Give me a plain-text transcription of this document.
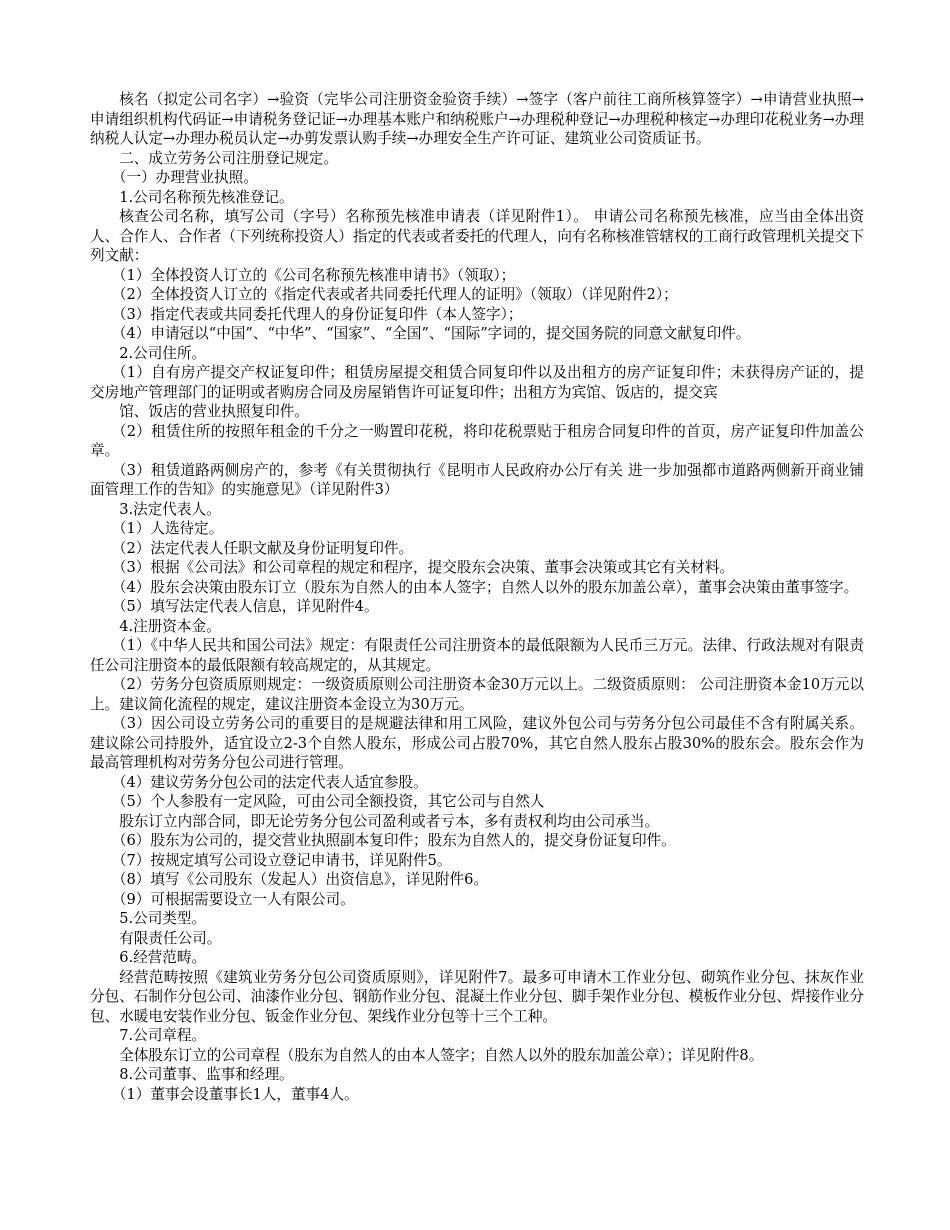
核名（拟定公司名字）→验资（完毕公司注册资金验资手续）→签字（客户前往工商所核算签字）→申请营业执照→申请组织机构代码证→申请税务登记证→办理基本账户和纳税账户→办理税种登记→办理税种核定→办理印花税业务→办理纳税人认定→办理办税员认定→办剪发票认购手续→办理安全生产许可证、建筑业公司资质证书。

二、成立劳务公司注册登记规定。

（一）办理营业执照。

1.公司名称预先核准登记。

核查公司名称，填写公司（字号）名称预先核准申请表（详见附件1）。 申请公司名称预先核准，应当由全体出资人、合作人、合作者（下列统称投资人）指定的代表或者委托的代理人，向有名称核准管辖权的工商行政管理机关提交下列文献：

（1）全体投资人订立的《公司名称预先核准申请书》（领取）；

（2）全体投资人订立的《指定代表或者共同委托代理人的证明》（领取）（详见附件2）；

（3）指定代表或共同委托代理人的身份证复印件（本人签字）；

（4）申请冠以“中国”、“中华”、“国家”、“全国”、“国际”字词的，提交国务院的同意文献复印件。

2.公司住所。

（1）自有房产提交产权证复印件；租赁房屋提交租赁合同复印件以及出租方的房产证复印件；未获得房产证的，提交房地产管理部门的证明或者购房合同及房屋销售许可证复印件；出租方为宾馆、饭店的，提交宾

馆、饭店的营业执照复印件。

（2）租赁住所的按照年租金的千分之一购置印花税，将印花税票贴于租房合同复印件的首页，房产证复印件加盖公章。

（3）租赁道路两侧房产的，参考《有关贯彻执行《昆明市人民政府办公厅有关 进一步加强都市道路两侧新开商业铺面管理工作的告知》的实施意见》（详见附件3）

3.法定代表人。

（1）人选待定。

（2）法定代表人任职文献及身份证明复印件。

（3）根据《公司法》和公司章程的规定和程序，提交股东会决策、董事会决策或其它有关材料。

（4）股东会决策由股东订立（股东为自然人的由本人签字；自然人以外的股东加盖公章），董事会决策由董事签字。

（5）填写法定代表人信息，详见附件4。

4.注册资本金。

（1）《中华人民共和国公司法》规定：有限责任公司注册资本的最低限额为人民币三万元。法律、行政法规对有限责任公司注册资本的最低限额有较高规定的，从其规定。

（2）劳务分包资质原则规定：一级资质原则公司注册资本金30万元以上。二级资质原则： 公司注册资本金10万元以上。建议简化流程的规定，建议注册资本金设立为30万元。

（3）因公司设立劳务公司的重要目的是规避法律和用工风险，建议外包公司与劳务分包公司最佳不含有附属关系。建议除公司持股外，适宜设立2-3个自然人股东，形成公司占股70%，其它自然人股东占股30%的股东会。股东会作为最高管理机构对劳务分包公司进行管理。

（4）建议劳务分包公司的法定代表人适宜参股。

（5）个人参股有一定风险，可由公司全额投资，其它公司与自然人

股东订立内部合同，即无论劳务分包公司盈利或者亏本，多有责权利均由公司承当。

（6）股东为公司的，提交营业执照副本复印件；股东为自然人的，提交身份证复印件。

（7）按规定填写公司设立登记申请书，详见附件5。

（8）填写《公司股东（发起人）出资信息》，详见附件6。

（9）可根据需要设立一人有限公司。

5.公司类型。

有限责任公司。

6.经营范畴。

经营范畴按照《建筑业劳务分包公司资质原则》，详见附件7。最多可申请木工作业分包、砌筑作业分包、抹灰作业分包、石制作分包公司、油漆作业分包、钢筋作业分包、混凝土作业分包、脚手架作业分包、模板作业分包、焊接作业分包、水暖电安装作业分包、钣金作业分包、架线作业分包等十三个工种。

7.公司章程。

全体股东订立的公司章程（股东为自然人的由本人签字；自然人以外的股东加盖公章）；详见附件8。

8.公司董事、监事和经理。

（1）董事会设董事长1人，董事4人。
